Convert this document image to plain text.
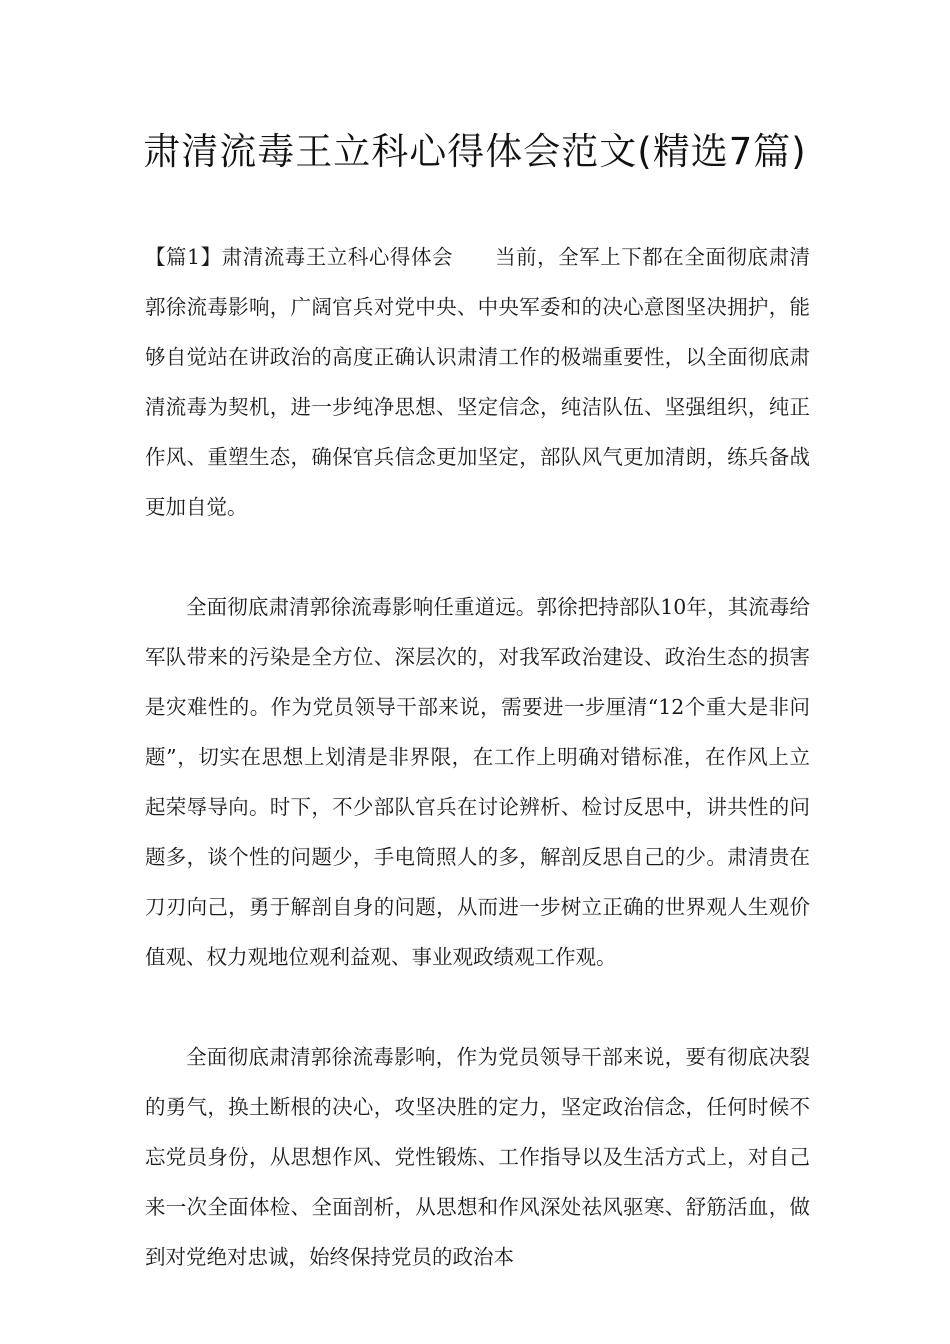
肃清流毒王立科心得体会范文(精选7篇)

【篇1】肃清流毒王立科心得体会　　当前，全军上下都在全面彻底肃清郭徐流毒影响，广阔官兵对党中央、中央军委和的决心意图坚决拥护，能够自觉站在讲政治的高度正确认识肃清工作的极端重要性，以全面彻底肃清流毒为契机，进一步纯净思想、坚定信念，纯洁队伍、坚强组织，纯正作风、重塑生态，确保官兵信念更加坚定，部队风气更加清朗，练兵备战更加自觉。

全面彻底肃清郭徐流毒影响任重道远。郭徐把持部队10年，其流毒给军队带来的污染是全方位、深层次的，对我军政治建设、政治生态的损害是灾难性的。作为党员领导干部来说，需要进一步厘清“12个重大是非问题”，切实在思想上划清是非界限，在工作上明确对错标准，在作风上立起荣辱导向。时下，不少部队官兵在讨论辨析、检讨反思中，讲共性的问题多，谈个性的问题少，手电筒照人的多，解剖反思自己的少。肃清贵在刀刃向己，勇于解剖自身的问题，从而进一步树立正确的世界观人生观价值观、权力观地位观利益观、事业观政绩观工作观。

全面彻底肃清郭徐流毒影响，作为党员领导干部来说，要有彻底决裂的勇气，换土断根的决心，攻坚决胜的定力，坚定政治信念，任何时候不忘党员身份，从思想作风、党性锻炼、工作指导以及生活方式上，对自己来一次全面体检、全面剖析，从思想和作风深处祛风驱寒、舒筋活血，做到对党绝对忠诚，始终保持党员的政治本
